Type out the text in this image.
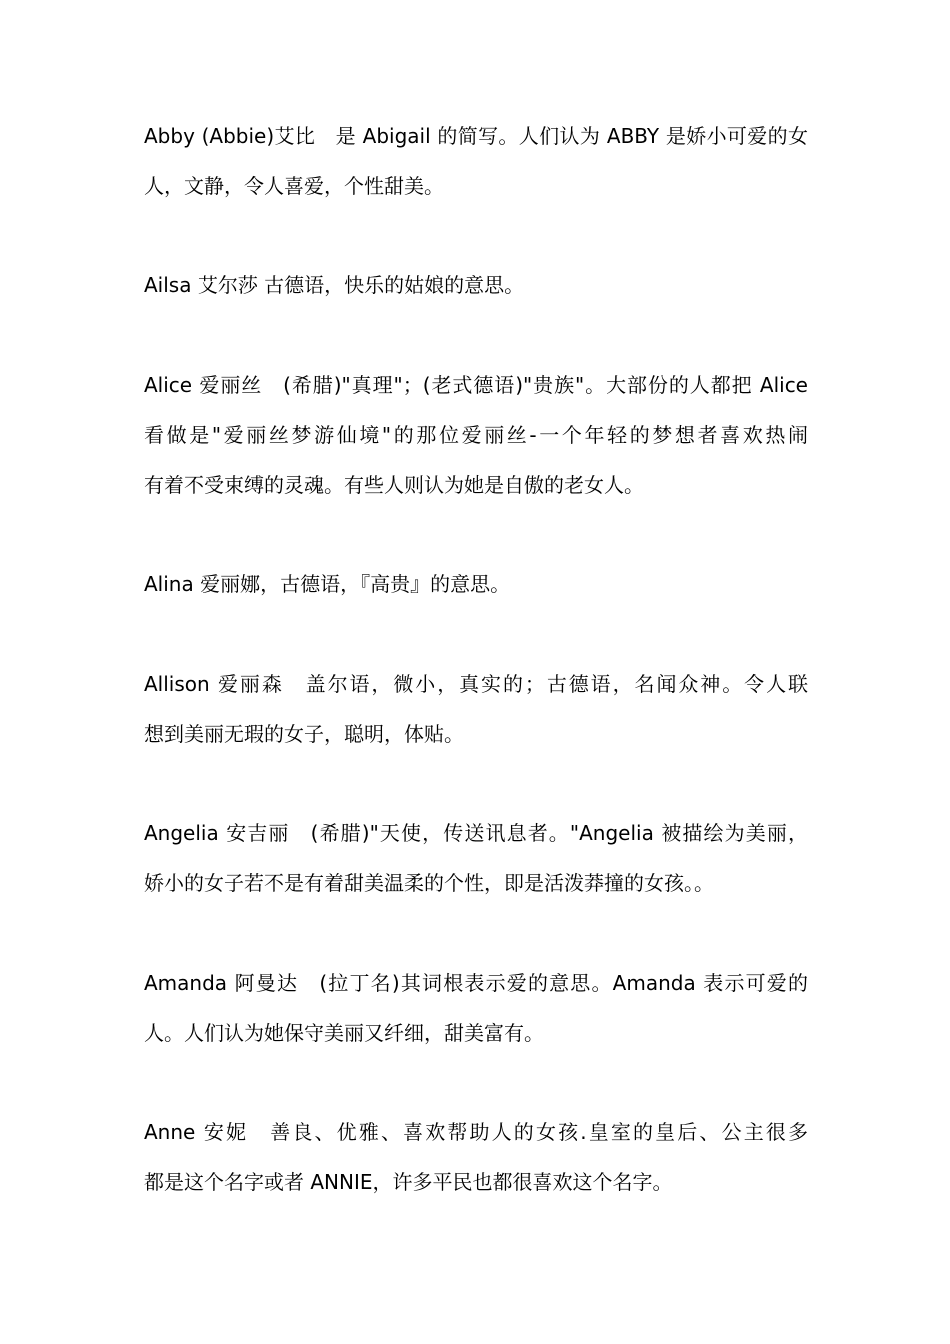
Abby (Abbie)艾比　是 Abigail 的简写。人们认为 ABBY 是娇小可爱的女
人，文静，令人喜爱，个性甜美。
Ailsa 艾尔莎 古德语，快乐的姑娘的意思。
Alice 爱丽丝　(希腊)"真理"；(老式德语)"贵族"。大部份的人都把 Alice
看做是"爱丽丝梦游仙境"的那位爱丽丝-一个年轻的梦想者喜欢热闹
有着不受束缚的灵魂。有些人则认为她是自傲的老女人。
Alina 爱丽娜，古德语，『高贵』的意思。
Allison 爱丽森　盖尔语，微小，真实的；古德语，名闻众神。令人联
想到美丽无瑕的女子，聪明，体贴。
Angelia 安吉丽　(希腊)"天使，传送讯息者。"Angelia 被描绘为美丽，
娇小的女子若不是有着甜美温柔的个性，即是活泼莽撞的女孩。。
Amanda 阿曼达　(拉丁名)其词根表示爱的意思。Amanda 表示可爱的
人。人们认为她保守美丽又纤细，甜美富有。
Anne 安妮　善良、优雅、喜欢帮助人的女孩.皇室的皇后、公主很多
都是这个名字或者 ANNIE，许多平民也都很喜欢这个名字。
